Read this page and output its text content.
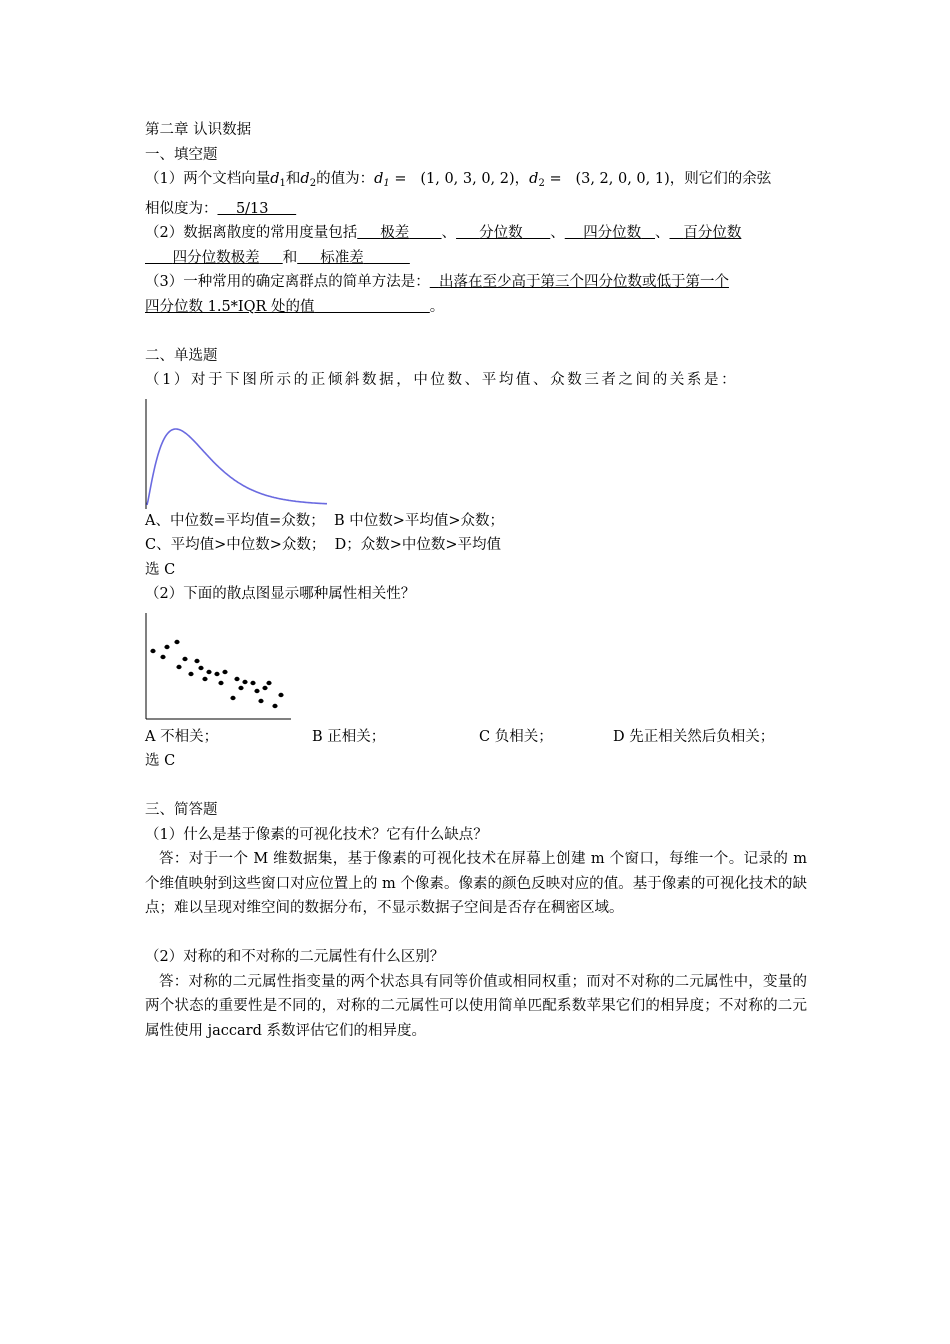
第二章 认识数据
一、填空题
（1）两个文档向量$d_1$和$d_2$的值为：$d_1 = (1$, 0, 3, 0, 2)，$d_2 = (3$, 2, 0, 0, 1)，则它们的余弦
相似度为： 5/13
（2）数据离散度的常用度量包括 极差 、 分位数 、 四分位数 、 百分位数
四分位数极差 和 标准差
（3）一种常用的确定离群点的简单方法是： 出落在至少高于第三个四分位数或低于第一个
四分位数 1.5*IQR 处的值	。
二、单选题
（1）对于下图所示的正倾斜数据，中位数、平均值、众数三者之间的关系是：
A、中位数=平均值=众数；  B 中位数>平均值>众数；
C、平均值>中位数>众数；  D；众数>中位数>平均值
选 C
（2）下面的散点图显示哪种属性相关性？
A 不相关；	B 正相关；	C 负相关；	D 先正相关然后负相关；
选 C
三、简答题
（1）什么是基于像素的可视化技术？它有什么缺点？
答：对于一个 M 维数据集，基于像素的可视化技术在屏幕上创建 m 个窗口，每维一个。记录的 m 个维值映射到这些窗口对应位置上的 m 个像素。像素的颜色反映对应的值。基于像素的可视化技术的缺点；难以呈现对维空间的数据分布，不显示数据子空间是否存在稠密区域。
（2）对称的和不对称的二元属性有什么区别？
答：对称的二元属性指变量的两个状态具有同等价值或相同权重；而对不对称的二元属性中，变量的两个状态的重要性是不同的，对称的二元属性可以使用简单匹配系数苹果它们的相异度；不对称的二元属性使用 jaccard 系数评估它们的相异度。
